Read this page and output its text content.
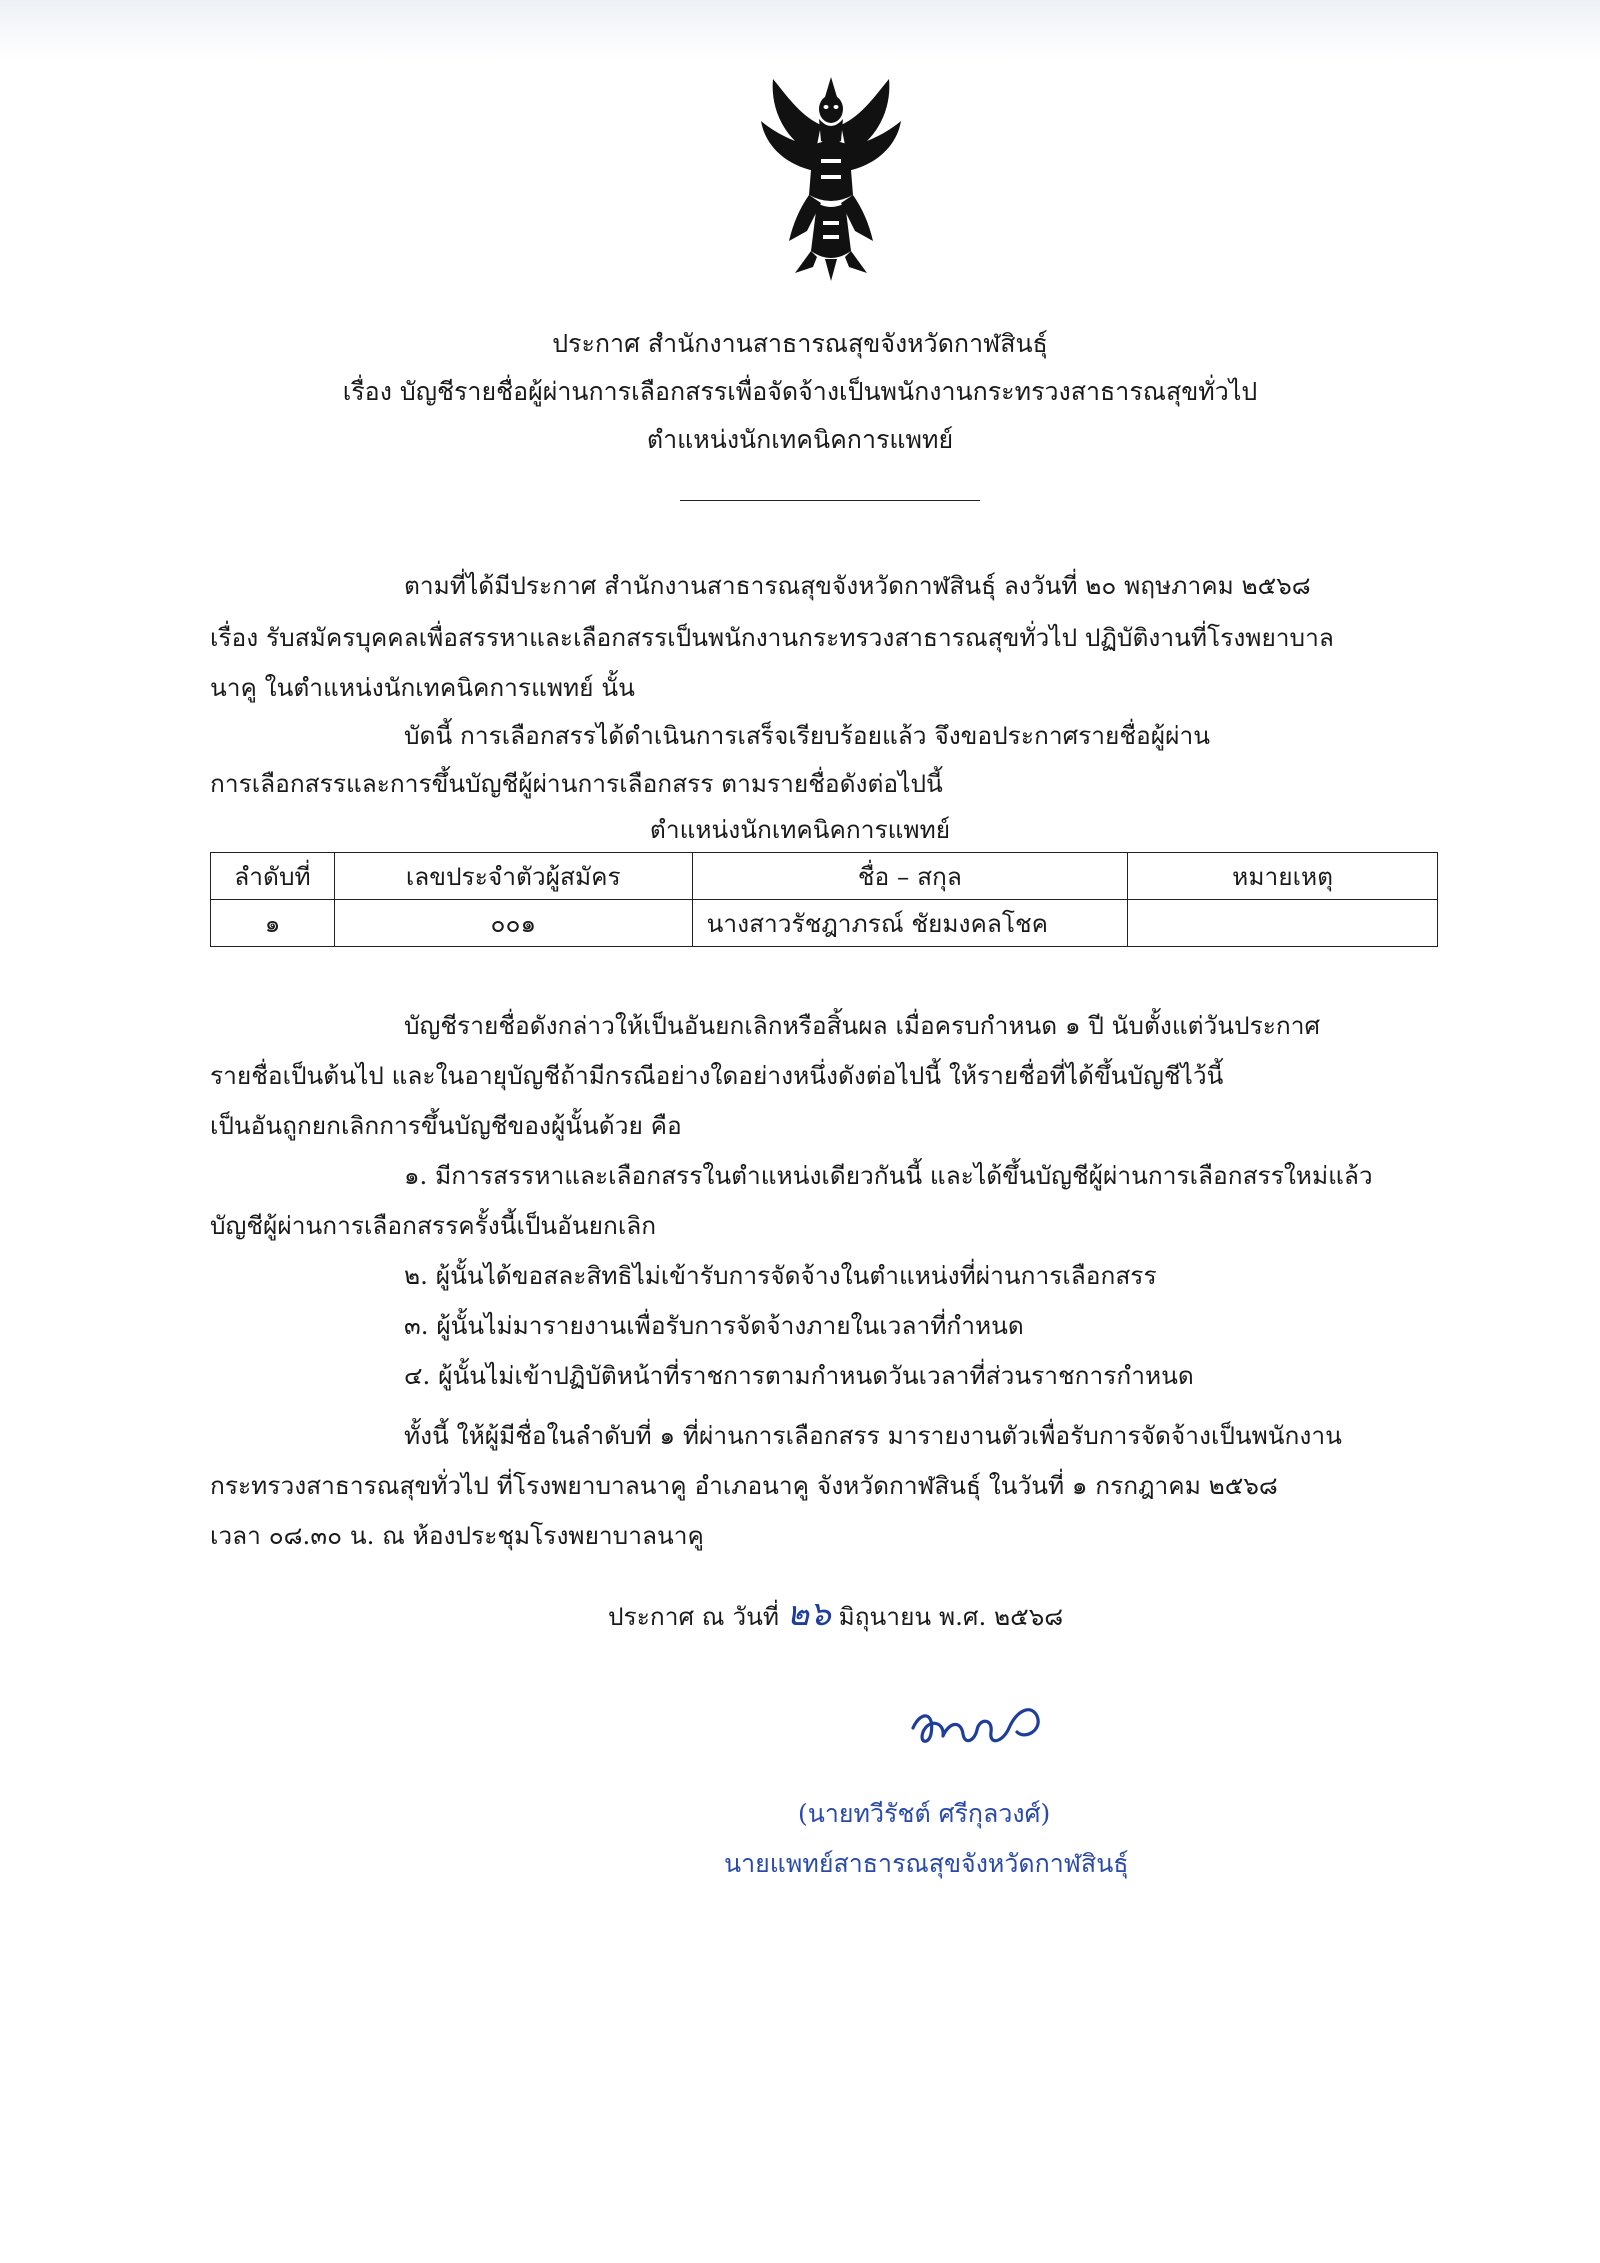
ประกาศ สำนักงานสาธารณสุขจังหวัดกาฬสินธุ์
เรื่อง บัญชีรายชื่อผู้ผ่านการเลือกสรรเพื่อจัดจ้างเป็นพนักงานกระทรวงสาธารณสุขทั่วไป
ตำแหน่งนักเทคนิคการแพทย์
ตามที่ได้มีประกาศ สำนักงานสาธารณสุขจังหวัดกาฬสินธุ์ ลงวันที่ ๒๐ พฤษภาคม ๒๕๖๘
เรื่อง รับสมัครบุคคลเพื่อสรรหาและเลือกสรรเป็นพนักงานกระทรวงสาธารณสุขทั่วไป ปฏิบัติงานที่โรงพยาบาล
นาคู ในตำแหน่งนักเทคนิคการแพทย์ นั้น
บัดนี้ การเลือกสรรได้ดำเนินการเสร็จเรียบร้อยแล้ว จึงขอประกาศรายชื่อผู้ผ่าน
การเลือกสรรและการขึ้นบัญชีผู้ผ่านการเลือกสรร ตามรายชื่อดังต่อไปนี้
ตำแหน่งนักเทคนิคการแพทย์
ลำดับที่	เลขประจำตัวผู้สมัคร	ชื่อ – สกุล	หมายเหตุ
๑	๐๐๑	นางสาวรัชฎาภรณ์ ชัยมงคลโชค	
บัญชีรายชื่อดังกล่าวให้เป็นอันยกเลิกหรือสิ้นผล เมื่อครบกำหนด ๑ ปี นับตั้งแต่วันประกาศ
รายชื่อเป็นต้นไป และในอายุบัญชีถ้ามีกรณีอย่างใดอย่างหนึ่งดังต่อไปนี้ ให้รายชื่อที่ได้ขึ้นบัญชีไว้นี้
เป็นอันถูกยกเลิกการขึ้นบัญชีของผู้นั้นด้วย คือ
๑. มีการสรรหาและเลือกสรรในตำแหน่งเดียวกันนี้ และได้ขึ้นบัญชีผู้ผ่านการเลือกสรรใหม่แล้ว
บัญชีผู้ผ่านการเลือกสรรครั้งนี้เป็นอันยกเลิก
๒. ผู้นั้นได้ขอสละสิทธิไม่เข้ารับการจัดจ้างในตำแหน่งที่ผ่านการเลือกสรร
๓. ผู้นั้นไม่มารายงานเพื่อรับการจัดจ้างภายในเวลาที่กำหนด
๔. ผู้นั้นไม่เข้าปฏิบัติหน้าที่ราชการตามกำหนดวันเวลาที่ส่วนราชการกำหนด
ทั้งนี้ ให้ผู้มีชื่อในลำดับที่ ๑ ที่ผ่านการเลือกสรร มารายงานตัวเพื่อรับการจัดจ้างเป็นพนักงาน
กระทรวงสาธารณสุขทั่วไป ที่โรงพยาบาลนาคู อำเภอนาคู จังหวัดกาฬสินธุ์ ในวันที่ ๑ กรกฎาคม ๒๕๖๘
เวลา ๐๘.๓๐ น. ณ ห้องประชุมโรงพยาบาลนาคู
ประกาศ ณ วันที่ ๒๖ มิถุนายน พ.ศ. ๒๕๖๘
(นายทวีรัชต์ ศรีกุลวงศ์)
นายแพทย์สาธารณสุขจังหวัดกาฬสินธุ์
